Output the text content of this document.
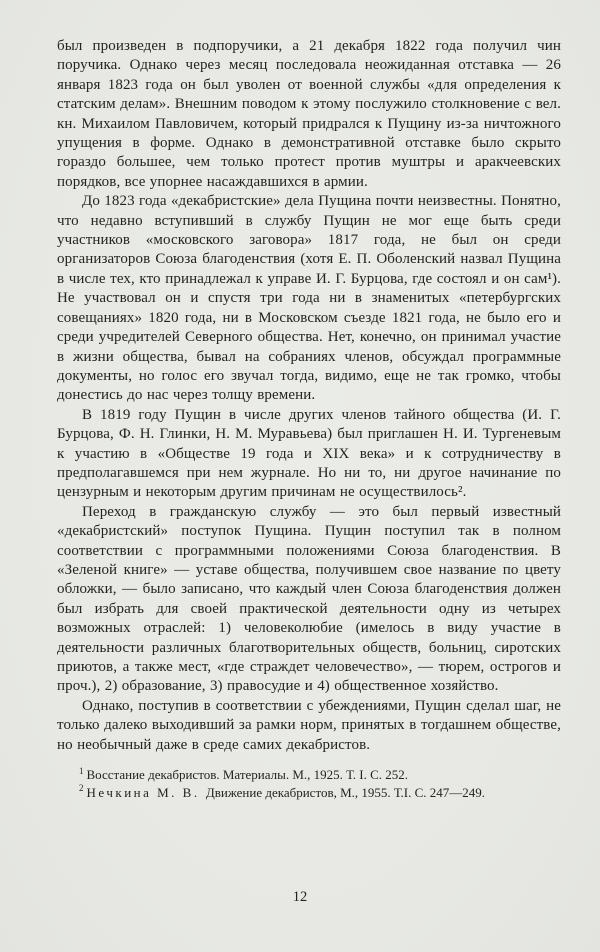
был произведен в подпоручики, а 21 декабря 1822 года получил чин поручика. Однако через месяц последовала неожиданная отставка — 26 января 1823 года он был уволен от военной службы «для определения к статским делам». Внешним поводом к этому послужило столкновение с вел. кн. Михаилом Павловичем, который придрался к Пущину из-за ничтожного упущения в форме. Однако в демонстративной отставке было скрыто гораздо большее, чем только протест против муштры и аракчеевских порядков, все упорнее насаждавшихся в армии.

До 1823 года «декабристские» дела Пущина почти неизвестны. Понятно, что недавно вступивший в службу Пущин не мог еще быть среди участников «московского заговора» 1817 года, не был он среди организаторов Союза благоденствия (хотя Е. П. Оболенский назвал Пущина в числе тех, кто принадлежал к управе И. Г. Бурцова, где состоял и он сам¹). Не участвовал он и спустя три года ни в знаменитых «петербургских совещаниях» 1820 года, ни в Московском съезде 1821 года, не было его и среди учредителей Северного общества. Нет, конечно, он принимал участие в жизни общества, бывал на собраниях членов, обсуждал программные документы, но голос его звучал тогда, видимо, еще не так громко, чтобы донестись до нас через толщу времени.

В 1819 году Пущин в числе других членов тайного общества (И. Г. Бурцова, Ф. Н. Глинки, Н. М. Муравьева) был приглашен Н. И. Тургеневым к участию в «Обществе 19 года и XIX века» и к сотрудничеству в предполагавшемся при нем журнале. Но ни то, ни другое начинание по цензурным и некоторым другим причинам не осуществилось².

Переход в гражданскую службу — это был первый известный «декабристский» поступок Пущина. Пущин поступил так в полном соответствии с программными положениями Союза благоденствия. В «Зеленой книге» — уставе общества, получившем свое название по цвету обложки, — было записано, что каждый член Союза благоденствия должен был избрать для своей практической деятельности одну из четырех возможных отраслей: 1) человеколюбие (имелось в виду участие в деятельности различных благотворительных обществ, больниц, сиротских приютов, а также мест, «где страждет человечество», — тюрем, острогов и проч.), 2) образование, 3) правосудие и 4) общественное хозяйство.

Однако, поступив в соответствии с убеждениями, Пущин сделал шаг, не только далеко выходивший за рамки норм, принятых в тогдашнем обществе, но необычный даже в среде самих декабристов.

$^1$ Восстание декабристов. Материалы. М., 1925. Т. I. С. 252.

$^2$ Нечкина М. В. Движение декабристов, М., 1955. Т.I. С. 247—249.

12
